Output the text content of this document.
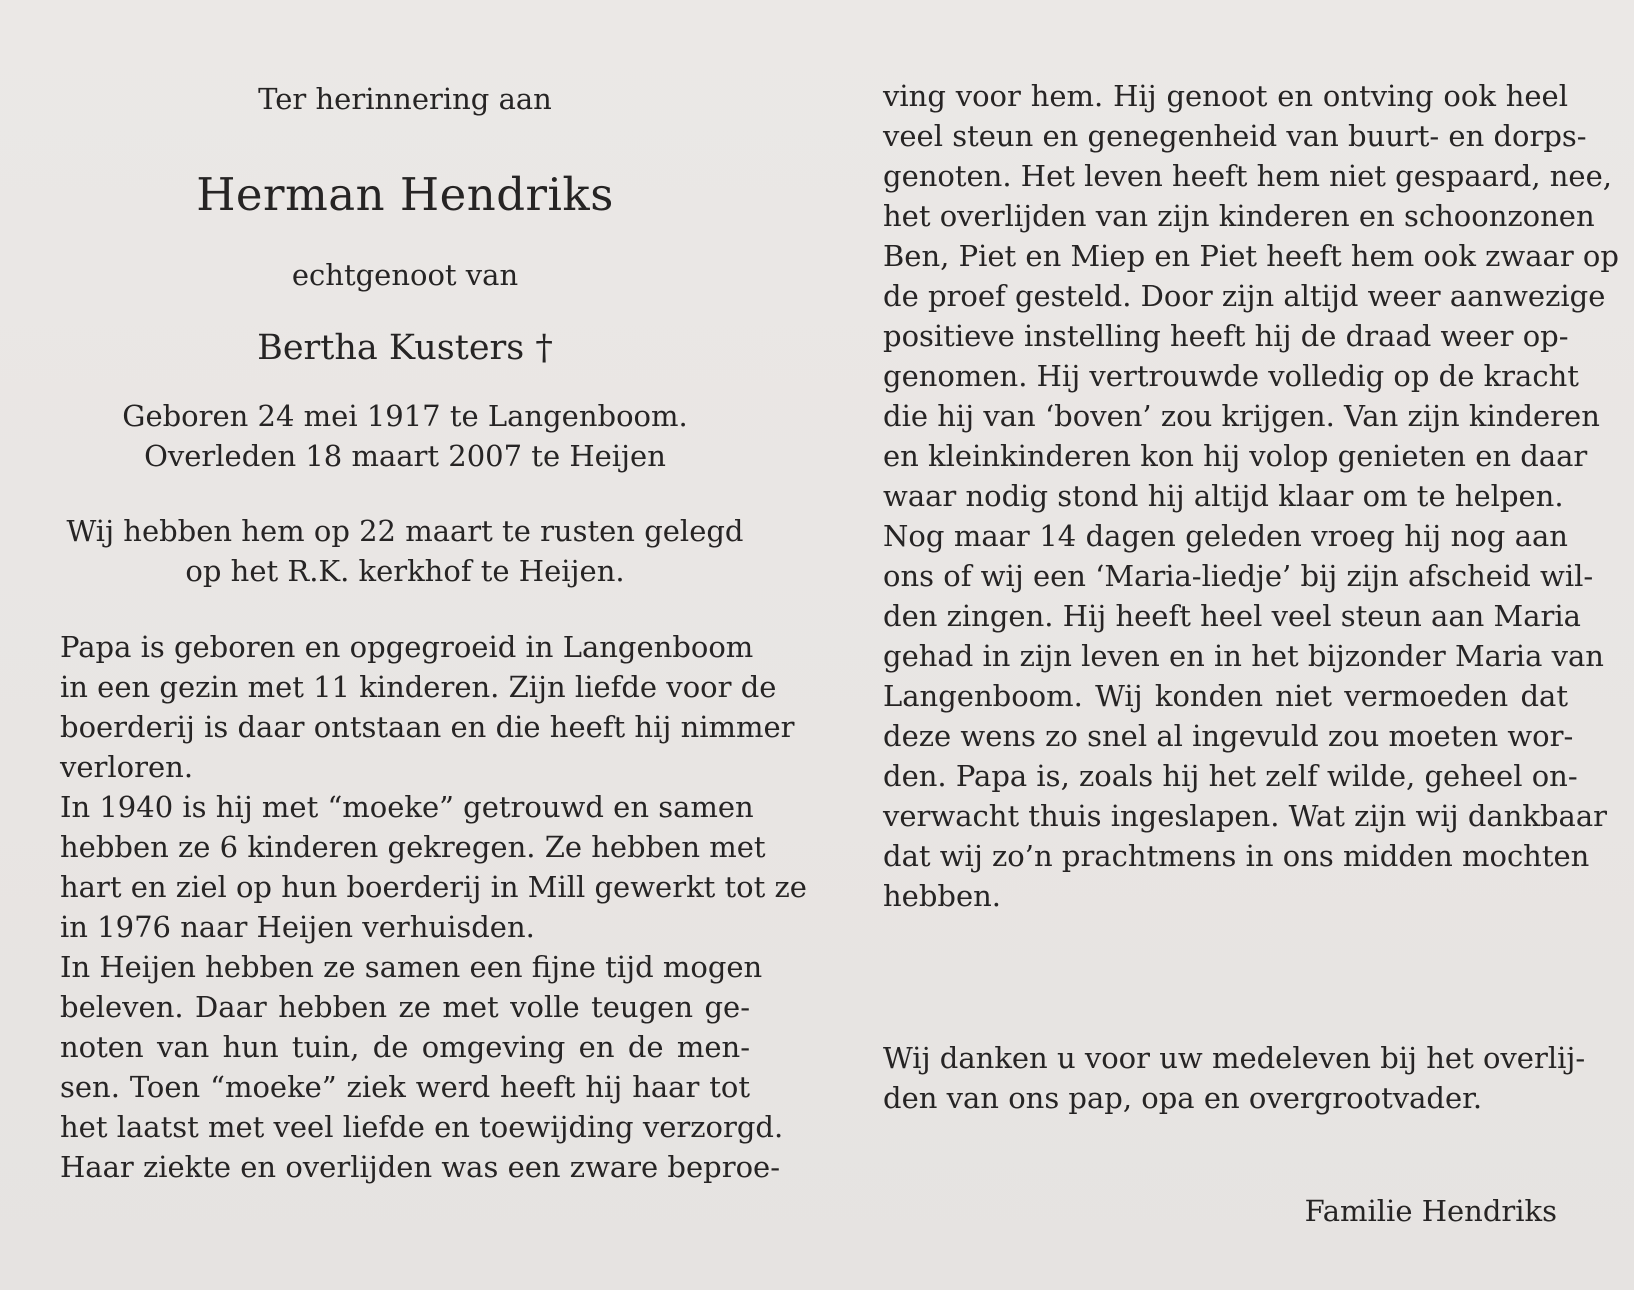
Ter herinnering aan
Herman Hendriks
echtgenoot van
Bertha Kusters †
Geboren 24 mei 1917 te Langenboom.
Overleden 18 maart 2007 te Heijen
Wij hebben hem op 22 maart te rusten gelegd
op het R.K. kerkhof te Heijen.
Papa is geboren en opgegroeid in Langenboom
in een gezin met 11 kinderen. Zijn liefde voor de
boerderij is daar ontstaan en die heeft hij nimmer
verloren.
In 1940 is hij met “moeke” getrouwd en samen
hebben ze 6 kinderen gekregen. Ze hebben met
hart en ziel op hun boerderij in Mill gewerkt tot ze
in 1976 naar Heijen verhuisden.
In Heijen hebben ze samen een fijne tijd mogen
beleven. Daar hebben ze met volle teugen ge-
noten van hun tuin, de omgeving en de men-
sen. Toen “moeke” ziek werd heeft hij haar tot
het laatst met veel liefde en toewijding verzorgd.
Haar ziekte en overlijden was een zware beproe-
ving voor hem. Hij genoot en ontving ook heel
veel steun en genegenheid van buurt- en dorps-
genoten. Het leven heeft hem niet gespaard, nee,
het overlijden van zijn kinderen en schoonzonen
Ben, Piet en Miep en Piet heeft hem ook zwaar op
de proef gesteld. Door zijn altijd weer aanwezige
positieve instelling heeft hij de draad weer op-
genomen. Hij vertrouwde volledig op de kracht
die hij van ‘boven’ zou krijgen. Van zijn kinderen
en kleinkinderen kon hij volop genieten en daar
waar nodig stond hij altijd klaar om te helpen.
Nog maar 14 dagen geleden vroeg hij nog aan
ons of wij een ‘Maria-liedje’ bij zijn afscheid wil-
den zingen. Hij heeft heel veel steun aan Maria
gehad in zijn leven en in het bijzonder Maria van
Langenboom. Wij konden niet vermoeden dat
deze wens zo snel al ingevuld zou moeten wor-
den. Papa is, zoals hij het zelf wilde, geheel on-
verwacht thuis ingeslapen. Wat zijn wij dankbaar
dat wij zo’n prachtmens in ons midden mochten
hebben.
Wij danken u voor uw medeleven bij het overlij-
den van ons pap, opa en overgrootvader.
Familie Hendriks
